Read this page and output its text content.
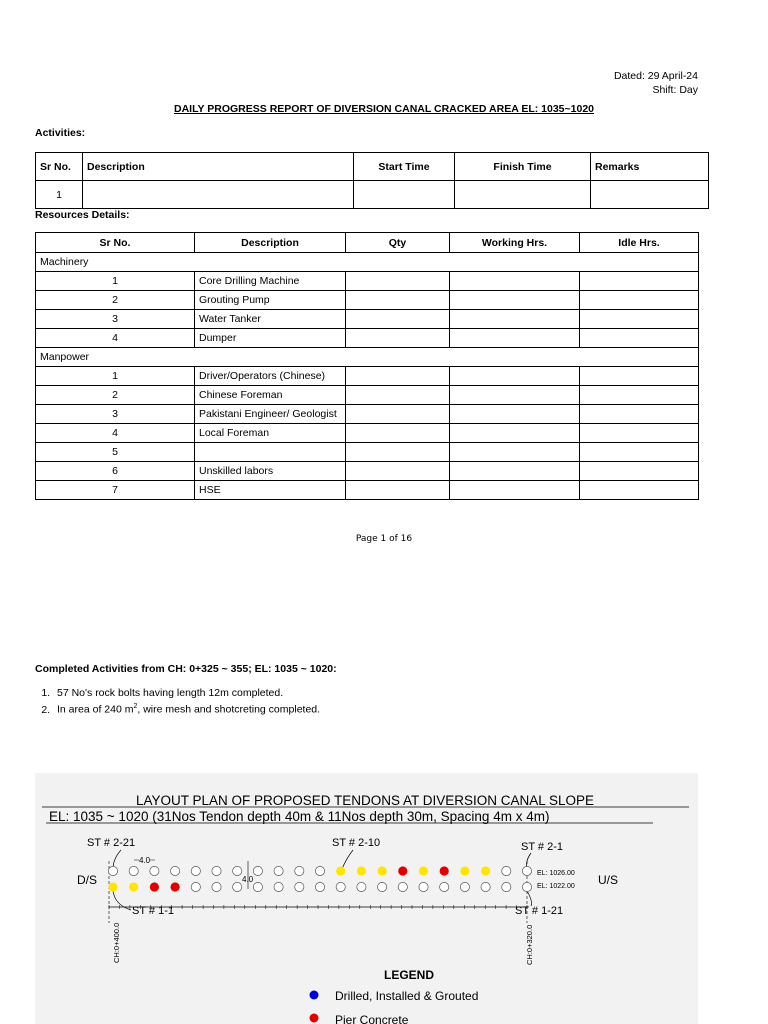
Dated: 29 April-24
Shift: Day
DAILY PROGRESS REPORT OF DIVERSION CANAL CRACKED AREA EL: 1035~1020
Activities:
Sr No.	Description	Start Time	Finish Time	Remarks
1				
Resources Details:
Sr No.	Description	Qty	Working Hrs.	Idle Hrs.
Machinery				
1	Core Drilling Machine			
2	Grouting Pump			
3	Water Tanker			
4	Dumper			
Manpower				
1	Driver/Operators (Chinese)			
2	Chinese Foreman			
3	Pakistani Engineer/ Geologist			
4	Local Foreman			
5				
6	Unskilled labors			
7	HSE			
Page 1 of 16
Completed Activities from CH: 0+325 ~ 355; EL: 1035 ~ 1020:
1. 57 No's rock bolts having length 12m completed.
2. In area of 240 $m^2$, wire mesh and shotcreting completed.
LAYOUT PLAN OF PROPOSED TENDONS AT DIVERSION CANAL SLOPE
EL: 1035 ~ 1020 (31Nos Tendon depth 40m & 11Nos depth 30m, Spacing 4m x 4m)
ST # 2-21	ST # 2-10	ST # 2-1
ST # 1-1	ST # 1-21
D/S	U/S
EL: 1026.00
EL: 1022.00
CH:0+400.0	CH:0+320.0
4.0
4.0
LEGEND
Drilled, Installed & Grouted
Pier Concrete
